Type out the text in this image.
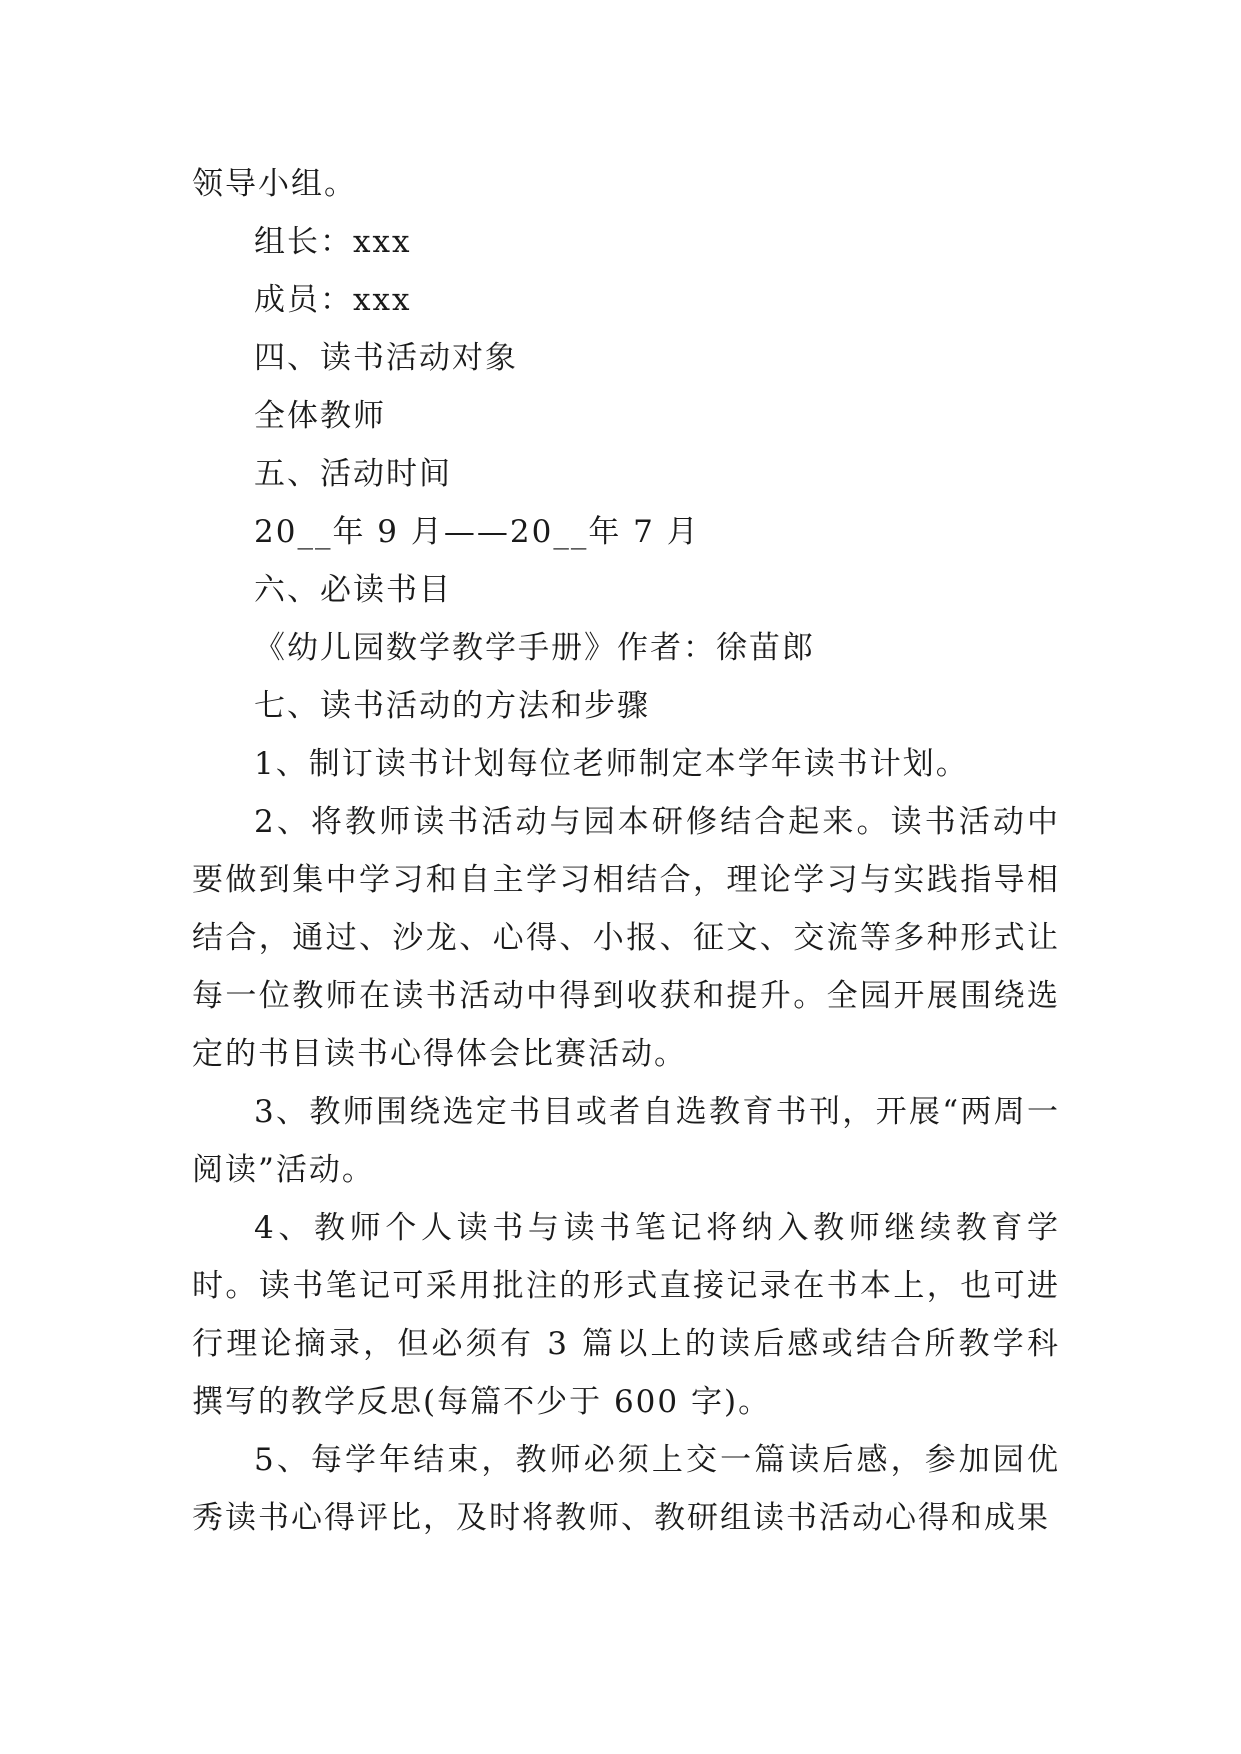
领导小组。

组长：xxx

成员：xxx

四、读书活动对象

全体教师

五、活动时间

20__年 9 月——20__年 7 月

六、必读书目

《幼儿园数学教学手册》作者：徐苗郎

七、读书活动的方法和步骤

1、制订读书计划每位老师制定本学年读书计划。

2、将教师读书活动与园本研修结合起来。读书活动中要做到集中学习和自主学习相结合，理论学习与实践指导相结合，通过、沙龙、心得、小报、征文、交流等多种形式让每一位教师在读书活动中得到收获和提升。全园开展围绕选定的书目读书心得体会比赛活动。

3、教师围绕选定书目或者自选教育书刊，开展“两周一阅读”活动。

4、教师个人读书与读书笔记将纳入教师继续教育学时。读书笔记可采用批注的形式直接记录在书本上，也可进行理论摘录，但必须有 3 篇以上的读后感或结合所教学科撰写的教学反思(每篇不少于 600 字)。

5、每学年结束，教师必须上交一篇读后感，参加园优秀读书心得评比，及时将教师、教研组读书活动心得和成果
